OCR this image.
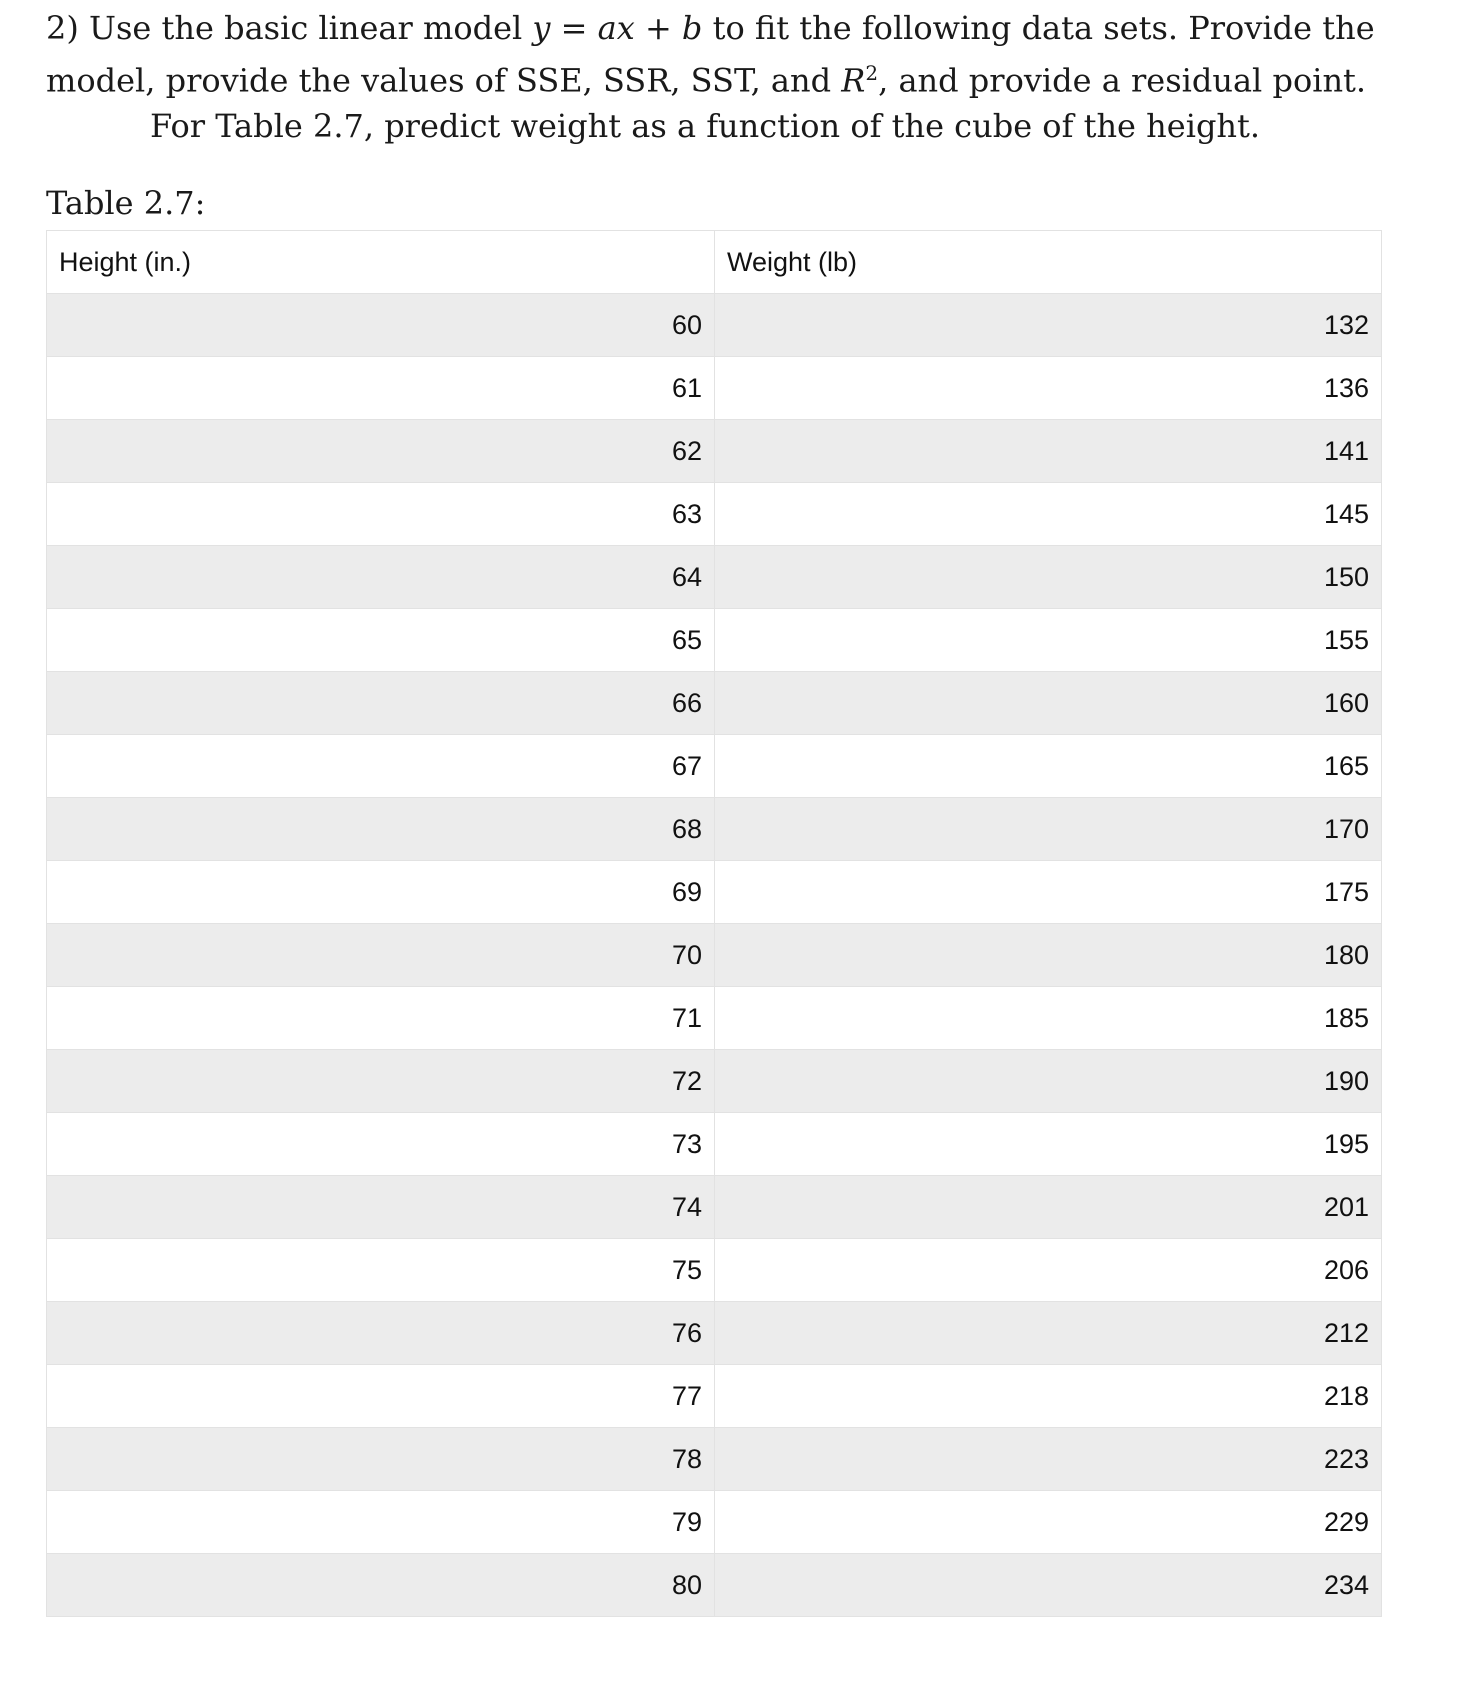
2) Use the basic linear model y = ax + b to fit the following data sets. Provide the
model, provide the values of SSE, SSR, SST, and $R^2$, and provide a residual point.
For Table 2.7, predict weight as a function of the cube of the height.
Table 2.7:
Height (in.)	Weight (lb)
60	132
61	136
62	141
63	145
64	150
65	155
66	160
67	165
68	170
69	175
70	180
71	185
72	190
73	195
74	201
75	206
76	212
77	218
78	223
79	229
80	234
